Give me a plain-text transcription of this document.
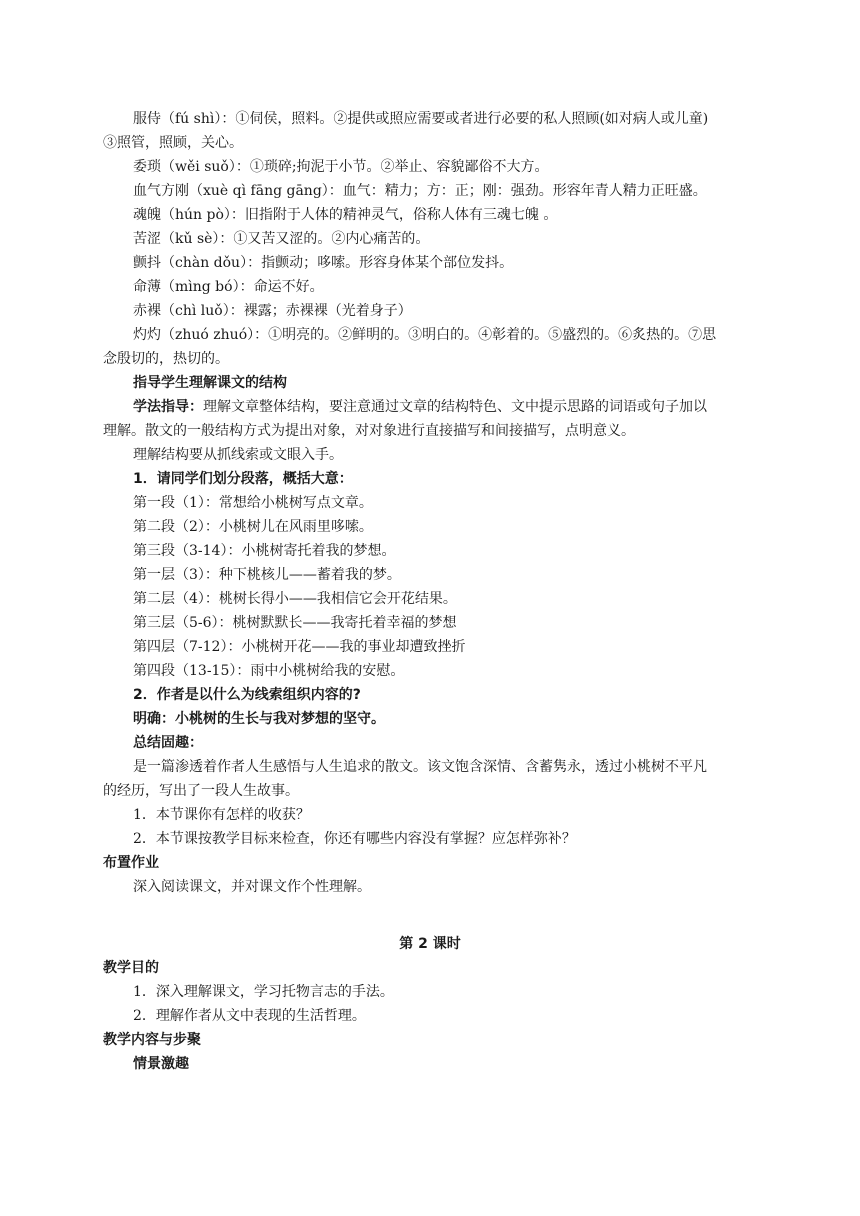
服侍（fú shì）：①伺侯，照料。②提供或照应需要或者进行必要的私人照顾(如对病人或儿童)
③照管，照顾，关心。
委琐（wěi suǒ）：①琐碎;拘泥于小节。②举止、容貌鄙俗不大方。
血气方刚（xuè qì fāng gāng）：血气：精力；方：正；刚：强劲。形容年青人精力正旺盛。
魂魄（hún pò）：旧指附于人体的精神灵气，俗称人体有三魂七魄 。
苦涩（kǔ sè）：①又苦又涩的。②内心痛苦的。
颤抖（chàn dǒu）：指颤动；哆嗦。形容身体某个部位发抖。
命薄（mìng bó）：命运不好。
赤裸（chì luǒ）：裸露；赤裸裸（光着身子）
灼灼（zhuó zhuó）：①明亮的。②鲜明的。③明白的。④彰着的。⑤盛烈的。⑥炙热的。⑦思
念殷切的，热切的。
指导学生理解课文的结构
学法指导：理解文章整体结构，要注意通过文章的结构特色、文中提示思路的词语或句子加以
理解。散文的一般结构方式为提出对象，对对象进行直接描写和间接描写，点明意义。
理解结构要从抓线索或文眼入手。
1．请同学们划分段落，概括大意：
第一段（1）：常想给小桃树写点文章。
第二段（2）：小桃树儿在风雨里哆嗦。
第三段（3-14）：小桃树寄托着我的梦想。
第一层（3）：种下桃核儿——蓄着我的梦。
第二层（4）：桃树长得小——我相信它会开花结果。
第三层（5-6）：桃树默默长——我寄托着幸福的梦想
第四层（7-12）：小桃树开花——我的事业却遭致挫折
第四段（13-15）：雨中小桃树给我的安慰。
2．作者是以什么为线索组织内容的?
明确：小桃树的生长与我对梦想的坚守。
总结固趣：
是一篇渗透着作者人生感悟与人生追求的散文。该文饱含深情、含蓄隽永，透过小桃树不平凡
的经历，写出了一段人生故事。
1．本节课你有怎样的收获？
2．本节课按教学目标来检查，你还有哪些内容没有掌握？应怎样弥补？
布置作业
深入阅读课文，并对课文作个性理解。
第 2 课时
教学目的
1．深入理解课文，学习托物言志的手法。
2．理解作者从文中表现的生活哲理。
教学内容与步聚
情景激趣
